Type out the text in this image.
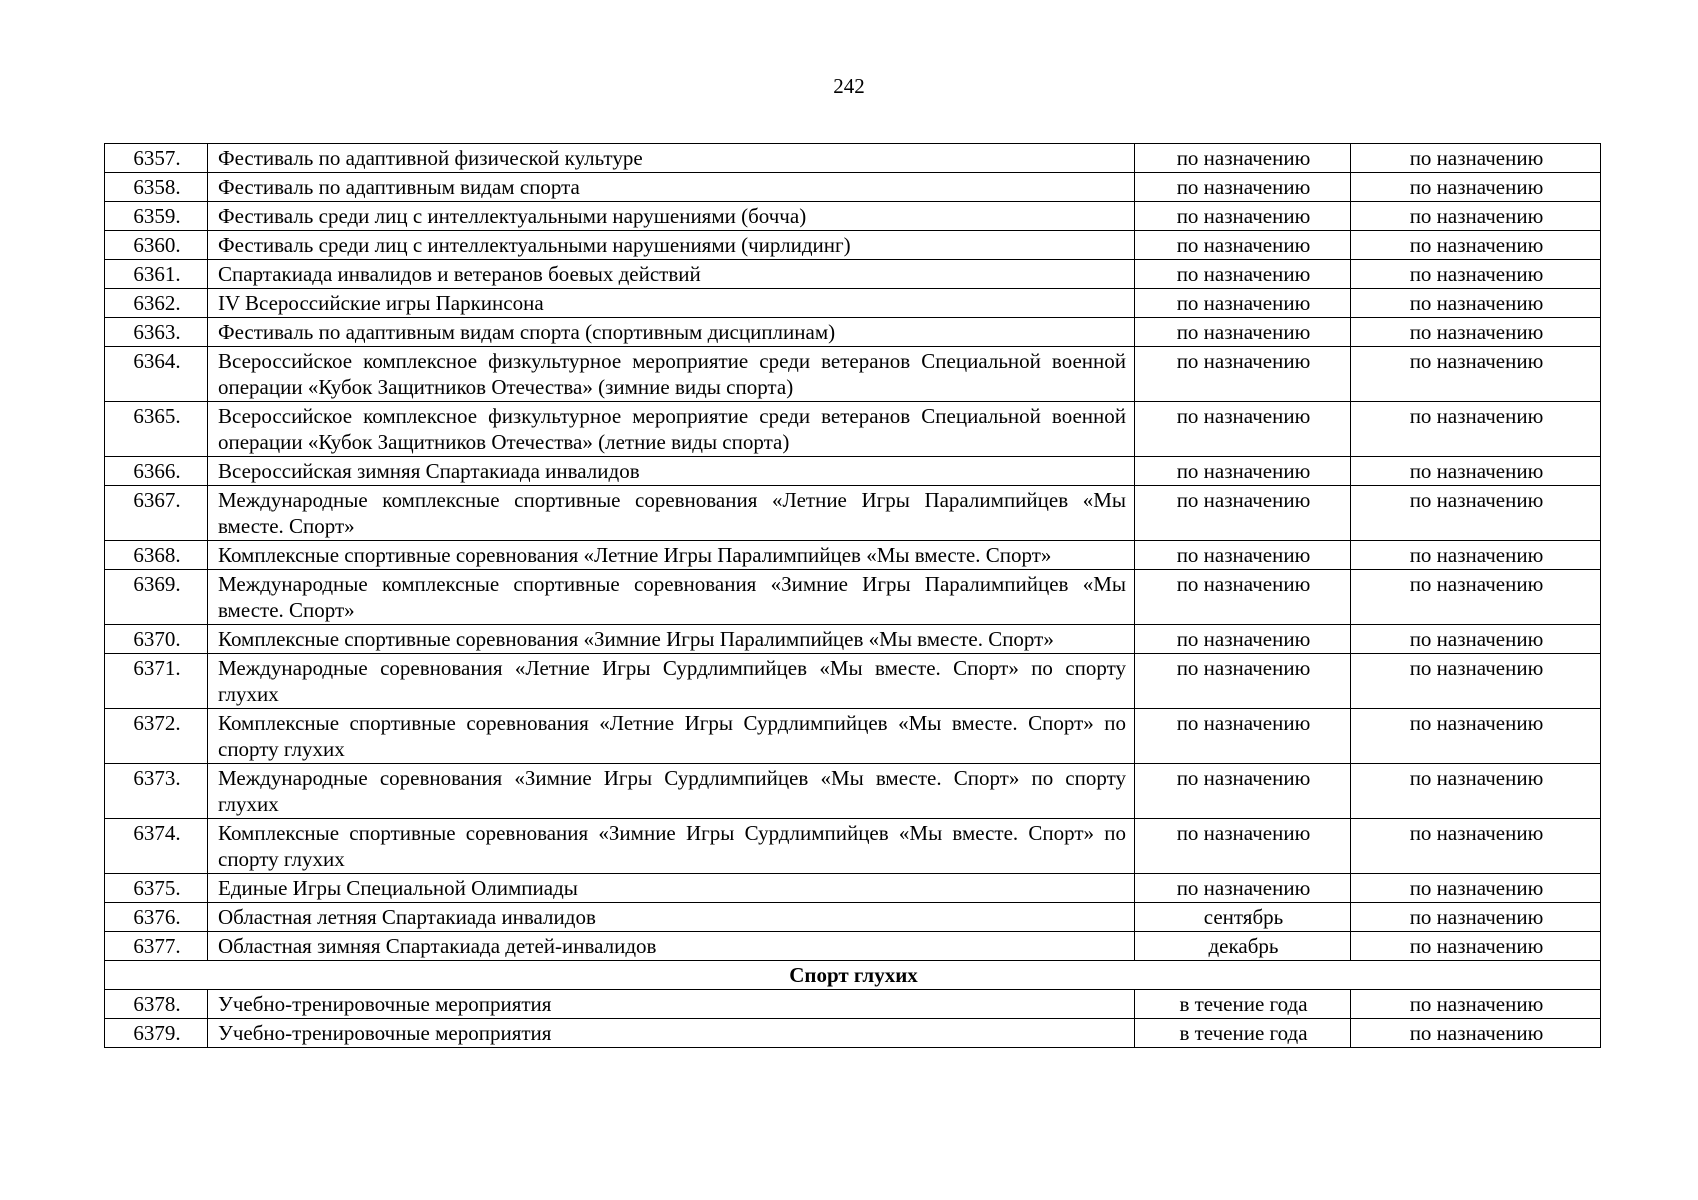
242
6357.	Фестиваль по адаптивной физической культуре	по назначению	по назначению
6358.	Фестиваль по адаптивным видам спорта	по назначению	по назначению
6359.	Фестиваль среди лиц с интеллектуальными нарушениями (бочча)	по назначению	по назначению
6360.	Фестиваль среди лиц с интеллектуальными нарушениями (чирлидинг)	по назначению	по назначению
6361.	Спартакиада инвалидов и ветеранов боевых действий	по назначению	по назначению
6362.	IV Всероссийские игры Паркинсона	по назначению	по назначению
6363.	Фестиваль по адаптивным видам спорта (спортивным дисциплинам)	по назначению	по назначению
6364.	Всероссийское комплексное физкультурное мероприятие среди ветеранов Специальной военной операции «Кубок Защитников Отечества» (зимние виды спорта)	по назначению	по назначению
6365.	Всероссийское комплексное физкультурное мероприятие среди ветеранов Специальной военной операции «Кубок Защитников Отечества» (летние виды спорта)	по назначению	по назначению
6366.	Всероссийская зимняя Спартакиада инвалидов	по назначению	по назначению
6367.	Международные комплексные спортивные соревнования «Летние Игры Паралимпийцев «Мы вместе. Спорт»	по назначению	по назначению
6368.	Комплексные спортивные соревнования «Летние Игры Паралимпийцев «Мы вместе. Спорт»	по назначению	по назначению
6369.	Международные комплексные спортивные соревнования «Зимние Игры Паралимпийцев «Мы вместе. Спорт»	по назначению	по назначению
6370.	Комплексные спортивные соревнования «Зимние Игры Паралимпийцев «Мы вместе. Спорт»	по назначению	по назначению
6371.	Международные соревнования «Летние Игры Сурдлимпийцев «Мы вместе. Спорт» по спорту глухих	по назначению	по назначению
6372.	Комплексные спортивные соревнования «Летние Игры Сурдлимпийцев «Мы вместе. Спорт» по спорту глухих	по назначению	по назначению
6373.	Международные соревнования «Зимние Игры Сурдлимпийцев «Мы вместе. Спорт» по спорту глухих	по назначению	по назначению
6374.	Комплексные спортивные соревнования «Зимние Игры Сурдлимпийцев «Мы вместе. Спорт» по спорту глухих	по назначению	по назначению
6375.	Единые Игры Специальной Олимпиады	по назначению	по назначению
6376.	Областная летняя Спартакиада инвалидов	сентябрь	по назначению
6377.	Областная зимняя Спартакиада детей-инвалидов	декабрь	по назначению
Спорт глухих			
6378.	Учебно-тренировочные мероприятия	в течение года	по назначению
6379.	Учебно-тренировочные мероприятия	в течение года	по назначению
